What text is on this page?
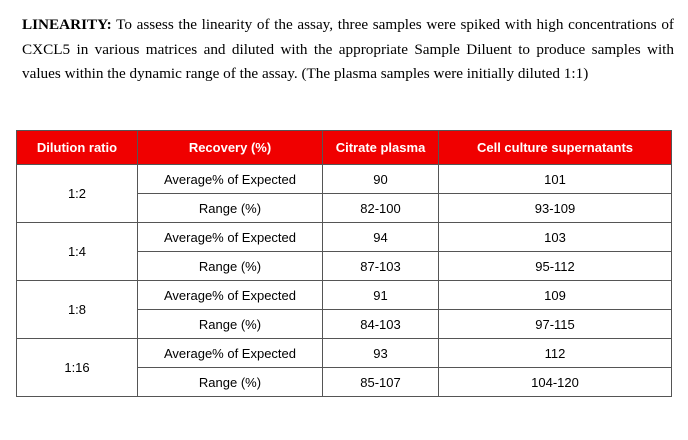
LINEARITY: To assess the linearity of the assay, three samples were spiked with high concentrations of CXCL5 in various matrices and diluted with the appropriate Sample Diluent to produce samples with values within the dynamic range of the assay. (The plasma samples were initially diluted 1:1)

Dilution ratio	Recovery (%)	Citrate plasma	Cell culture supernatants
1:2	Average% of Expected	90	101
	Range (%)	82-100	93-109
1:4	Average% of Expected	94	103
	Range (%)	87-103	95-112
1:8	Average% of Expected	91	109
	Range (%)	84-103	97-115
1:16	Average% of Expected	93	112
	Range (%)	85-107	104-120
